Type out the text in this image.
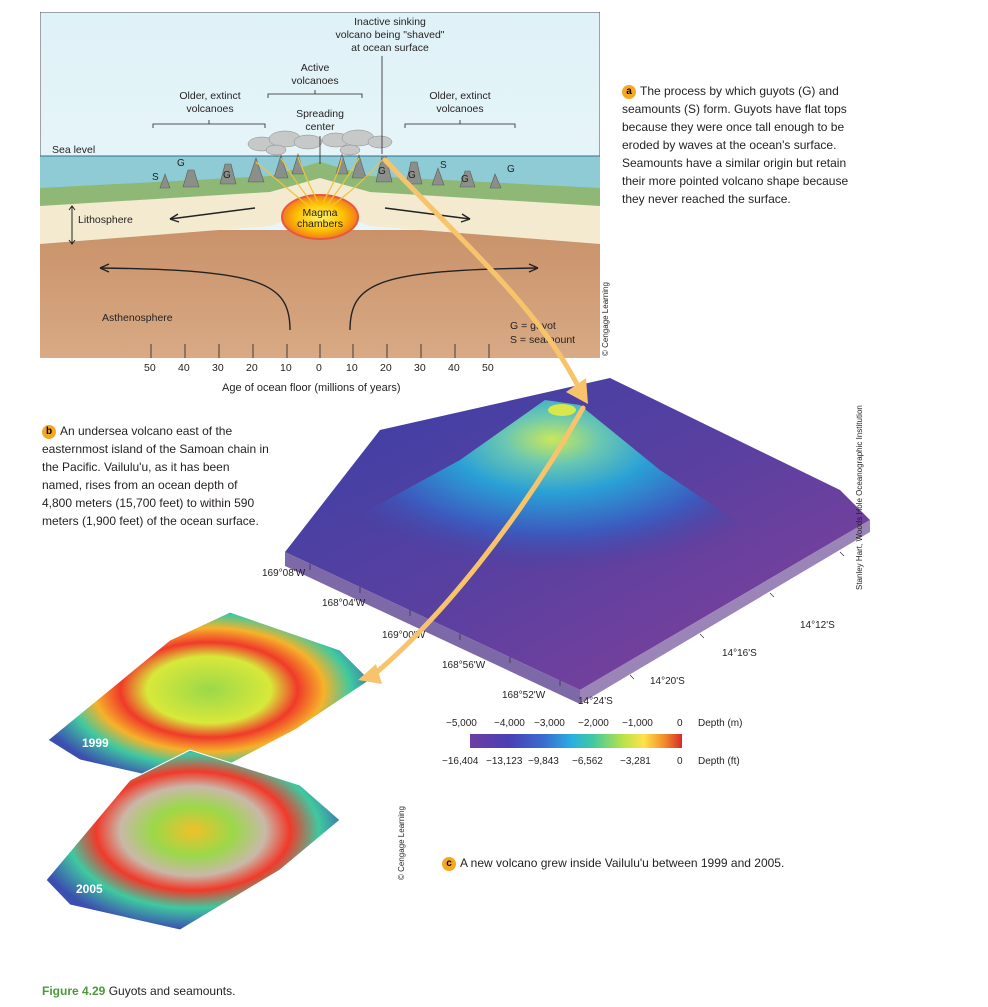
S
G
G	G G
S
G
G
Inactive sinking
volcano being "shaved"
at ocean surface
Active
volcanoes
Older, extinct
volcanoes
Older, extinct
volcanoes
Spreading
center
Sea level
Lithosphere
Magma
chambers
Asthenosphere
G = guyot
S = seamount
50 40 30 20 10 0 10 20 30 40 50
Age of ocean floor (millions of years)
© Cengage Learning
a The process by which guyots (G) and seamounts (S) form. Guyots have flat tops because they were once tall enough to be eroded by waves at the ocean's surface. Seamounts have a similar origin but retain their more pointed volcano shape because they never reached the surface.
b An undersea volcano east of the easternmost island of the Samoan chain in the Pacific. Vailulu'u, as it has been named, rises from an ocean depth of 4,800 meters (15,700 feet) to within 590 meters (1,900 feet) of the ocean surface.
169°08'W
168°04'W
169°00'W
168°56'W
168°52'W
14°12'S
14°16'S
14°20'S
14°24'S
Stanley Hart, Woods Hole Oceanographic Institution
−5,000 −4,000 −3,000 −2,000 −1,000 0 Depth (m)
−16,404 −13,123 −9,843 −6,562 −3,281	0 Depth (ft)
1999
2005
© Cengage Learning	c A new volcano grew inside Vailulu'u between 1999 and 2005.
Figure 4.29 Guyots and seamounts.
